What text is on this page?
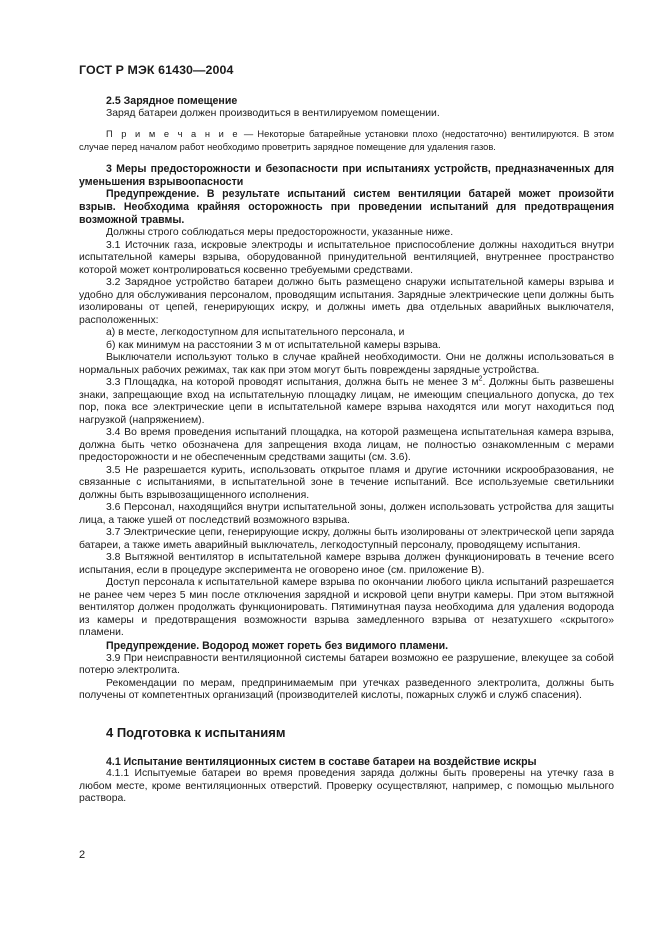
ГОСТ Р МЭК 61430—2004

2.5 Зарядное помещение

Заряд батареи должен производиться в вентилируемом помещении.

П р и м е ч а н и е — Некоторые батарейные установки плохо (недостаточно) вентилируются. В этом случае перед началом работ необходимо проветрить зарядное помещение для удаления газов.

3 Меры предосторожности и безопасности при испытаниях устройств, предназначенных для уменьшения взрывоопасности

Предупреждение. В результате испытаний систем вентиляции батарей может произойти взрыв. Необходима крайняя осторожность при проведении испытаний для предотвращения возможной травмы.

Должны строго соблюдаться меры предосторожности, указанные ниже.

3.1 Источник газа, искровые электроды и испытательное приспособление должны находиться внутри испытательной камеры взрыва, оборудованной принудительной вентиляцией, внутреннее пространство которой может контролироваться косвенно требуемыми средствами.

3.2 Зарядное устройство батареи должно быть размещено снаружи испытательной камеры взрыва и удобно для обслуживания персоналом, проводящим испытания. Зарядные электрические цепи должны быть изолированы от цепей, генерирующих искру, и должны иметь два отдельных аварийных выключателя, расположенных:

а) в месте, легкодоступном для испытательного персонала, и

б) как минимум на расстоянии 3 м от испытательной камеры взрыва.

Выключатели используют только в случае крайней необходимости. Они не должны использоваться в нормальных рабочих режимах, так как при этом могут быть повреждены зарядные устройства.

3.3 Площадка, на которой проводят испытания, должна быть не менее 3 $м^2$. Должны быть развешены знаки, запрещающие вход на испытательную площадку лицам, не имеющим специального допуска, до тех пор, пока все электрические цепи в испытательной камере взрыва находятся или могут находиться под нагрузкой (напряжением).

3.4 Во время проведения испытаний площадка, на которой размещена испытательная камера взрыва, должна быть четко обозначена для запрещения входа лицам, не полностью ознакомленным с мерами предосторожности и не обеспеченным средствами защиты (см. 3.6).

3.5 Не разрешается курить, использовать открытое пламя и другие источники искрообразования, не связанные с испытаниями, в испытательной зоне в течение испытаний. Все используемые светильники должны быть взрывозащищенного исполнения.

3.6 Персонал, находящийся внутри испытательной зоны, должен использовать устройства для защиты лица, а также ушей от последствий возможного взрыва.

3.7 Электрические цепи, генерирующие искру, должны быть изолированы от электрической цепи заряда батареи, а также иметь аварийный выключатель, легкодоступный персоналу, проводящему испытания.

3.8 Вытяжной вентилятор в испытательной камере взрыва должен функционировать в течение всего испытания, если в процедуре эксперимента не оговорено иное (см. приложение В).

Доступ персонала к испытательной камере взрыва по окончании любого цикла испытаний разрешается не ранее чем через 5 мин после отключения зарядной и искровой цепи внутри камеры. При этом вытяжной вентилятор должен продолжать функционировать. Пятиминутная пауза необходима для удаления водорода из камеры и предотвращения возможности взрыва замедленного взрыва от незатухшего «скрытого» пламени.

Предупреждение. Водород может гореть без видимого пламени.

3.9 При неисправности вентиляционной системы батареи возможно ее разрушение, влекущее за собой потерю электролита.

Рекомендации по мерам, предпринимаемым при утечках разведенного электролита, должны быть получены от компетентных организаций (производителей кислоты, пожарных служб и служб спасения).

4 Подготовка к испытаниям

4.1 Испытание вентиляционных систем в составе батареи на воздействие искры

4.1.1 Испытуемые батареи во время проведения заряда должны быть проверены на утечку газа в любом месте, кроме вентиляционных отверстий. Проверку осуществляют, например, с помощью мыльного раствора.

2
